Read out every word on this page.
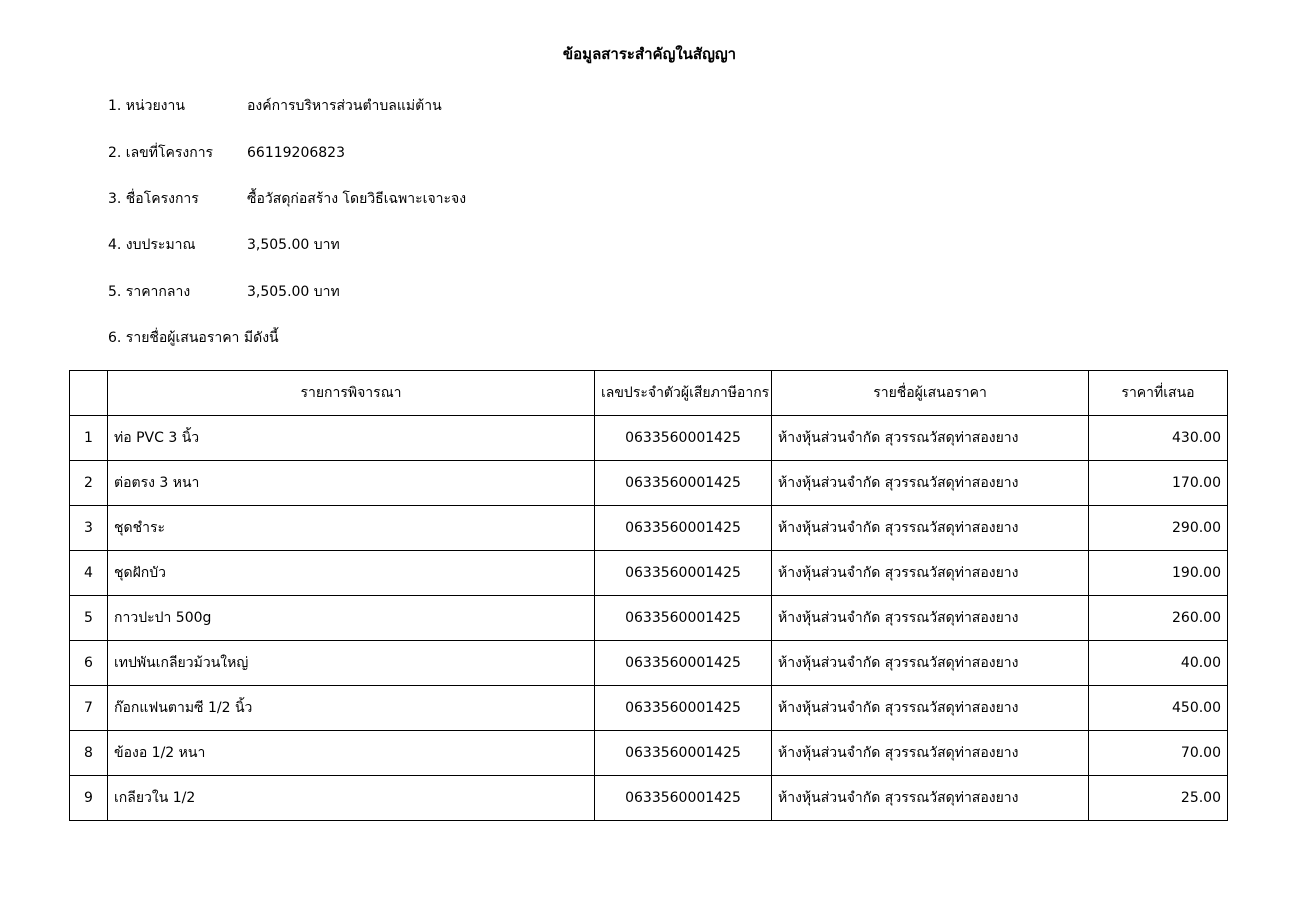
ข้อมูลสาระสำคัญในสัญญา
1. หน่วยงาน	องค์การบริหารส่วนตำบลแม่ต้าน
2. เลขที่โครงการ 66119206823
3. ชื่อโครงการ	ซื้อวัสดุก่อสร้าง โดยวิธีเฉพาะเจาะจง
4. งบประมาณ	3,505.00 บาท
5. ราคากลาง	3,505.00 บาท
6. รายชื่อผู้เสนอราคา มีดังนี้
	รายการพิจารณา	เลขประจำตัวผู้เสียภาษีอากร	รายชื่อผู้เสนอราคา	ราคาที่เสนอ
1	ท่อ PVC 3 นิ้ว	0633560001425	ห้างหุ้นส่วนจำกัด สุวรรณวัสดุท่าสองยาง	430.00
2	ต่อตรง 3 หนา	0633560001425	ห้างหุ้นส่วนจำกัด สุวรรณวัสดุท่าสองยาง	170.00
3	ชุดชำระ	0633560001425	ห้างหุ้นส่วนจำกัด สุวรรณวัสดุท่าสองยาง	290.00
4	ชุดฝักบัว	0633560001425	ห้างหุ้นส่วนจำกัด สุวรรณวัสดุท่าสองยาง	190.00
5	กาวปะปา 500g	0633560001425	ห้างหุ้นส่วนจำกัด สุวรรณวัสดุท่าสองยาง	260.00
6	เทปพันเกลียวม้วนใหญ่	0633560001425	ห้างหุ้นส่วนจำกัด สุวรรณวัสดุท่าสองยาง	40.00
7	ก๊อกแฟนตามซี 1/2 นิ้ว	0633560001425	ห้างหุ้นส่วนจำกัด สุวรรณวัสดุท่าสองยาง	450.00
8	ข้องอ 1/2 หนา	0633560001425	ห้างหุ้นส่วนจำกัด สุวรรณวัสดุท่าสองยาง	70.00
9	เกลียวใน 1/2	0633560001425	ห้างหุ้นส่วนจำกัด สุวรรณวัสดุท่าสองยาง	25.00
